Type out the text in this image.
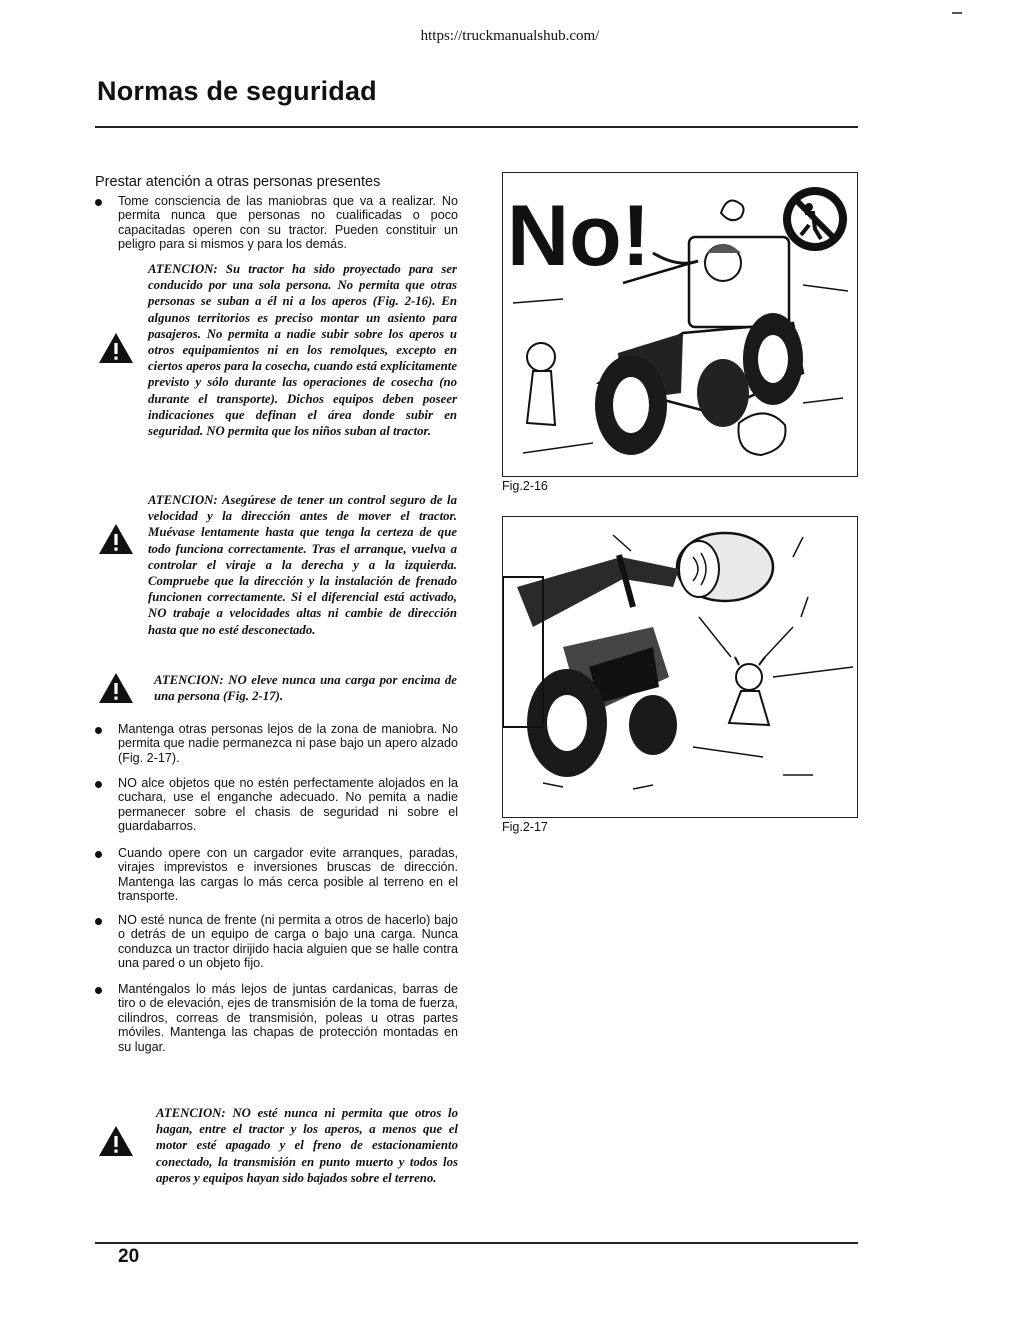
https://truckmanualshub.com/
Normas de seguridad
Prestar atención a otras personas presentes
Tome consciencia de las maniobras que va a realizar. No permita nunca que personas no cualificadas o poco capacitadas operen con su tractor. Pueden constituir un peligro para si mismos y para los demás.
ATENCION: Su tractor ha sido proyectado para ser conducido por una sola persona. No permita que otras personas se suban a él ni a los aperos (Fig. 2-16). En algunos territorios es preciso montar un asiento para pasajeros. No permita a nadie subir sobre los aperos u otros equipamientos ni en los remolques, excepto en ciertos aperos para la cosecha, cuando está explícitamente previsto y sólo durante las operaciones de cosecha (no durante el transporte). Dichos equipos deben poseer indicaciones que definan el área donde subir en seguridad. NO permita que los niños suban al tractor.
ATENCION: Asegúrese de tener un control seguro de la velocidad y la dirección antes de mover el tractor. Muévase lentamente hasta que tenga la certeza de que todo funciona correctamente. Tras el arranque, vuelva a controlar el viraje a la derecha y a la izquierda. Compruebe que la dirección y la instalación de frenado funcionen correctamente. Si el diferencial está activado, NO trabaje a velocidades altas ni cambie de dirección hasta que no esté desconectado.
ATENCION: NO eleve nunca una carga por encima de una persona (Fig. 2-17).
Mantenga otras personas lejos de la zona de maniobra. No permita que nadie permanezca ni pase bajo un apero alzado (Fig. 2-17).
NO alce objetos que no estén perfectamente alojados en la cuchara, use el enganche adecuado. No pemita a nadie permanecer sobre el chasis de seguridad ni sobre el guardabarros.
Cuando opere con un cargador evite arranques, paradas, virajes imprevistos e inversiones bruscas de dirección. Mantenga las cargas lo más cerca posible al terreno en el transporte.
NO esté nunca de frente (ni permita a otros de hacerlo) bajo o detrás de un equipo de carga o bajo una carga. Nunca conduzca un tractor dirijido hacia alguien que se halle contra una pared o un objeto fijo.
Manténgalos lo más lejos de juntas cardanicas, barras de tiro o de elevación, ejes de transmisión de la toma de fuerza, cilindros, correas de transmisión, poleas u otras partes móviles. Mantenga las chapas de protección montadas en su lugar.
ATENCION: NO esté nunca ni permita que otros lo hagan, entre el tractor y los aperos, a menos que el motor esté apagado y el freno de estacionamiento conectado, la transmisión en punto muerto y todos los aperos y equipos hayan sido bajados sobre el terreno.
No!
Fig.2-16
Fig.2-17
20
